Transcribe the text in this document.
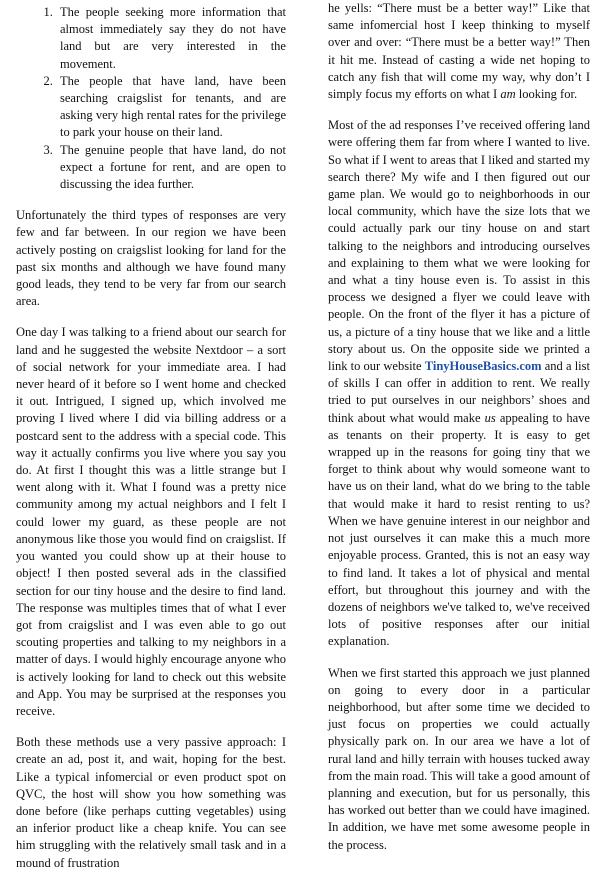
1. The people seeking more information that almost immediately say they do not have land but are very interested in the movement.
2. The people that have land, have been searching craigslist for tenants, and are asking very high rental rates for the privilege to park your house on their land.
3. The genuine people that have land, do not expect a fortune for rent, and are open to discussing the idea further.

Unfortunately the third types of responses are very few and far between. In our region we have been actively posting on craigslist looking for land for the past six months and although we have found many good leads, they tend to be very far from our search area.

One day I was talking to a friend about our search for land and he suggested the website Nextdoor – a sort of social network for your immediate area. I had never heard of it before so I went home and checked it out. Intrigued, I signed up, which involved me proving I lived where I did via billing address or a postcard sent to the address with a special code. This way it actually confirms you live where you say you do. At first I thought this was a little strange but I went along with it. What I found was a pretty nice community among my actual neighbors and I felt I could lower my guard, as these people are not anonymous like those you would find on craigslist. If you wanted you could show up at their house to object! I then posted several ads in the classified section for our tiny house and the desire to find land. The response was multiples times that of what I ever got from craigslist and I was even able to go out scouting properties and talking to my neighbors in a matter of days. I would highly encourage anyone who is actively looking for land to check out this website and App. You may be surprised at the responses you receive.

Both these methods use a very passive approach: I create an ad, post it, and wait, hoping for the best. Like a typical infomercial or even product spot on QVC, the host will show you how something was done before (like perhaps cutting vegetables) using an inferior product like a cheap knife. You can see him struggling with the relatively small task and in a mound of frustration

he yells: “There must be a better way!” Like that same infomercial host I keep thinking to myself over and over: “There must be a better way!” Then it hit me. Instead of casting a wide net hoping to catch any fish that will come my way, why don’t I simply focus my efforts on what I am looking for.

Most of the ad responses I’ve received offering land were offering them far from where I wanted to live. So what if I went to areas that I liked and started my search there? My wife and I then figured out our game plan. We would go to neighborhoods in our local community, which have the size lots that we could actually park our tiny house on and start talking to the neighbors and introducing ourselves and explaining to them what we were looking for and what a tiny house even is. To assist in this process we designed a flyer we could leave with people. On the front of the flyer it has a picture of us, a picture of a tiny house that we like and a little story about us. On the opposite side we printed a link to our website TinyHouseBasics.com and a list of skills I can offer in addition to rent. We really tried to put ourselves in our neighbors’ shoes and think about what would make us appealing to have as tenants on their property. It is easy to get wrapped up in the reasons for going tiny that we forget to think about why would someone want to have us on their land, what do we bring to the table that would make it hard to resist renting to us? When we have genuine interest in our neighbor and not just ourselves it can make this a much more enjoyable process. Granted, this is not an easy way to find land. It takes a lot of physical and mental effort, but throughout this journey and with the dozens of neighbors we've talked to, we've received lots of positive responses after our initial explanation.

When we first started this approach we just planned on going to every door in a particular neighborhood, but after some time we decided to just focus on properties we could actually physically park on. In our area we have a lot of rural land and hilly terrain with houses tucked away from the main road. This will take a good amount of planning and execution, but for us personally, this has worked out better than we could have imagined. In addition, we have met some awesome people in the process.
